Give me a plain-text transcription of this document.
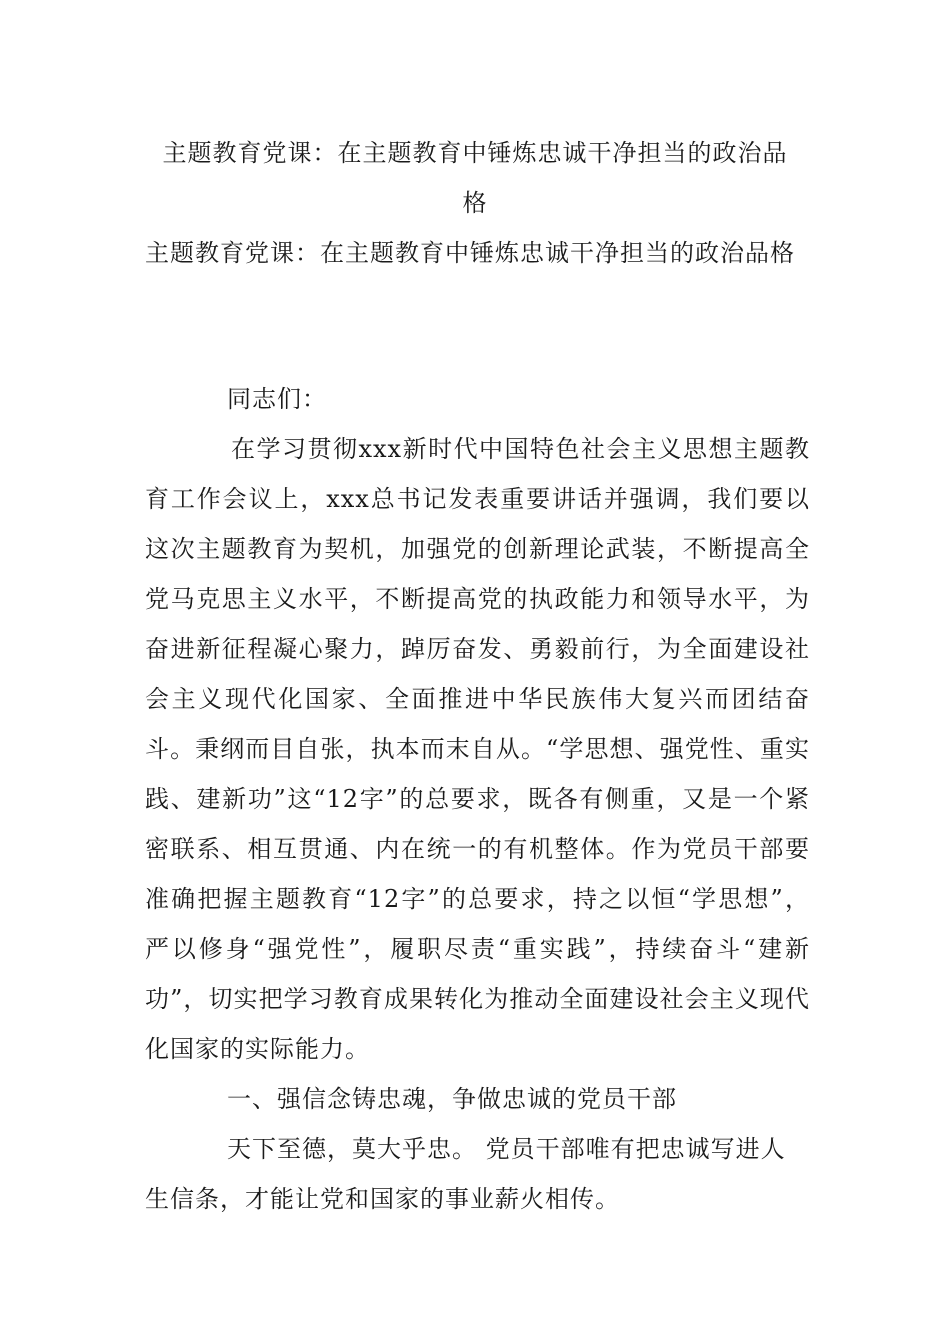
主题教育党课：在主题教育中锤炼忠诚干净担当的政治品
格

主题教育党课：在主题教育中锤炼忠诚干净担当的政治品格

同志们：

在学习贯彻xxx新时代中国特色社会主义思想主题教育工作会议上，xxx总书记发表重要讲话并强调，我们要以这次主题教育为契机，加强党的创新理论武装，不断提高全党马克思主义水平，不断提高党的执政能力和领导水平，为奋进新征程凝心聚力，踔厉奋发、勇毅前行，为全面建设社会主义现代化国家、全面推进中华民族伟大复兴而团结奋斗。秉纲而目自张，执本而末自从。“学思想、强党性、重实践、建新功”这“12字”的总要求，既各有侧重，又是一个紧密联系、相互贯通、内在统一的有机整体。作为党员干部要准确把握主题教育“12字”的总要求，持之以恒“学思想”， 严以修身“强党性”，履职尽责“重实践”，持续奋斗“建新功”，切实把学习教育成果转化为推动全面建设社会主义现代化国家的实际能力。

一、强信念铸忠魂，争做忠诚的党员干部

天下至德，莫大乎忠。 党员干部唯有把忠诚写进人生信条，才能让党和国家的事业薪火相传。
